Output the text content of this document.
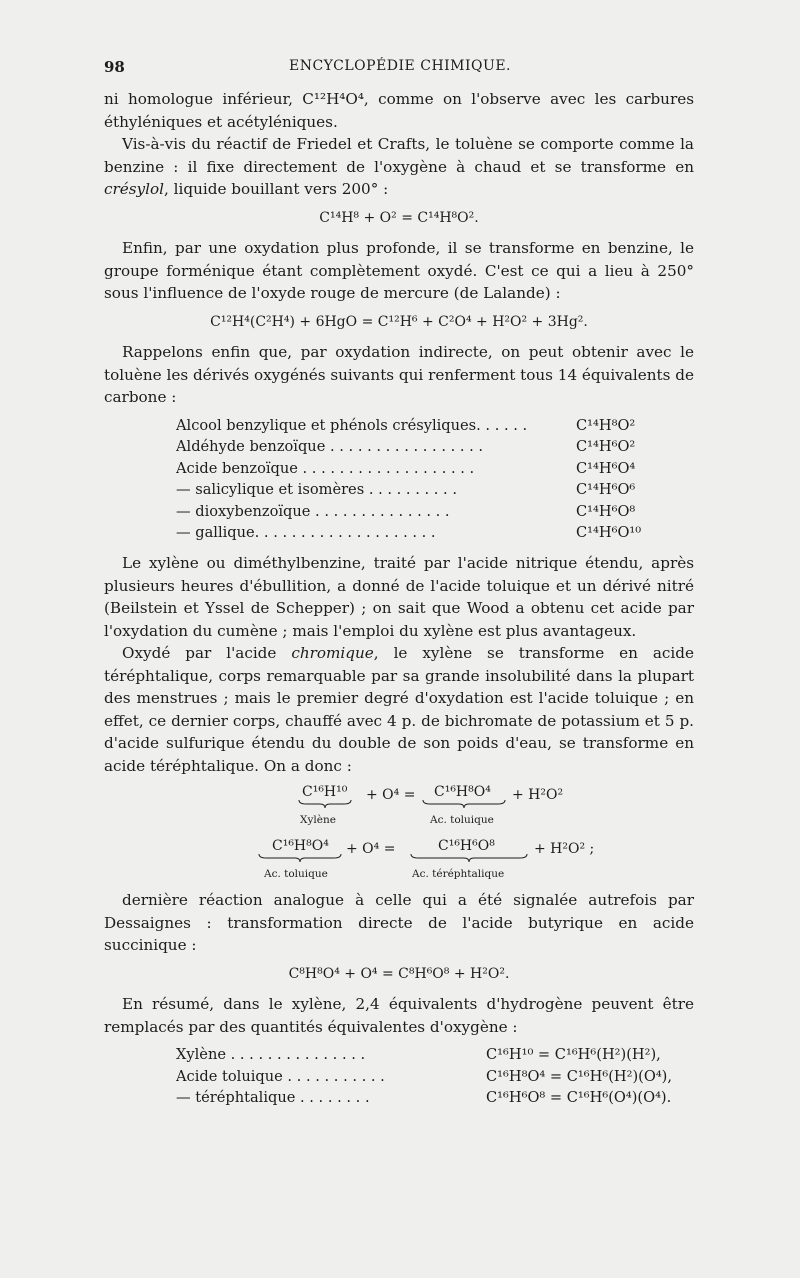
98	ENCYCLOPÉDIE CHIMIQUE.

ni homologue inférieur, C¹²H⁴O⁴, comme on l'observe avec les carbures éthyléniques et acétyléniques.

Vis-à-vis du réactif de Friedel et Crafts, le toluène se comporte comme la benzine : il fixe directement de l'oxygène à chaud et se transforme en crésylol, liquide bouillant vers 200° :

C¹⁴H⁸ + O² = C¹⁴H⁸O².

Enfin, par une oxydation plus profonde, il se transforme en benzine, le groupe forménique étant complètement oxydé. C'est ce qui a lieu à 250° sous l'influence de l'oxyde rouge de mercure (de Lalande) :

C¹²H⁴(C²H⁴) + 6HgO = C¹²H⁶ + C²O⁴ + H²O² + 3Hg².

Rappelons enfin que, par oxydation indirecte, on peut obtenir avec le toluène les dérivés oxygénés suivants qui renferment tous 14 équivalents de carbone :

Alcool benzylique et phénols crésyliques. . . . . .	C¹⁴H⁸O²
Aldéhyde benzoïque . . . . . . . . . . . . . . . . .	C¹⁴H⁶O²
Acide benzoïque . . . . . . . . . . . . . . . . . . .	C¹⁴H⁶O⁴
— salicylique et isomères . . . . . . . . . .	C¹⁴H⁶O⁶
— dioxybenzoïque . . . . . . . . . . . . . . .	C¹⁴H⁶O⁸
— gallique. . . . . . . . . . . . . . . . . . . .	C¹⁴H⁶O¹⁰

Le xylène ou diméthylbenzine, traité par l'acide nitrique étendu, après plusieurs heures d'ébullition, a donné de l'acide toluique et un dérivé nitré (Beilstein et Yssel de Schepper) ; on sait que Wood a obtenu cet acide par l'oxydation du cumène ; mais l'emploi du xylène est plus avantageux.

Oxydé par l'acide chromique, le xylène se transforme en acide téréphtalique, corps remarquable par sa grande insolubilité dans la plupart des menstrues ; mais le premier degré d'oxydation est l'acide toluique ; en effet, ce dernier corps, chauffé avec 4 p. de bichromate de potassium et 5 p. d'acide sulfurique étendu du double de son poids d'eau, se transforme en acide téréphtalique. On a donc :

C¹⁶H¹⁰
Xylène
+ O⁴ = C¹⁶H⁸O⁴
Ac. toluique
+ H²O²
C¹⁶H⁸O⁴
Ac. toluique
+ O⁴ =	C¹⁶H⁶O⁸
Ac. téréphtalique
+ H²O² ;

dernière réaction analogue à celle qui a été signalée autrefois par Dessaignes : transformation directe de l'acide butyrique en acide succinique :

C⁸H⁸O⁴ + O⁴ = C⁸H⁶O⁸ + H²O².

En résumé, dans le xylène, 2,4 équivalents d'hydrogène peuvent être remplacés par des quantités équivalentes d'oxygène :

Xylène . . . . . . . . . . . . . . .	C¹⁶H¹⁰ = C¹⁶H⁶(H²)(H²),
Acide toluique . . . . . . . . . . .	C¹⁶H⁸O⁴ = C¹⁶H⁶(H²)(O⁴),
— téréphtalique . . . . . . . .	C¹⁶H⁶O⁸ = C¹⁶H⁶(O⁴)(O⁴).
